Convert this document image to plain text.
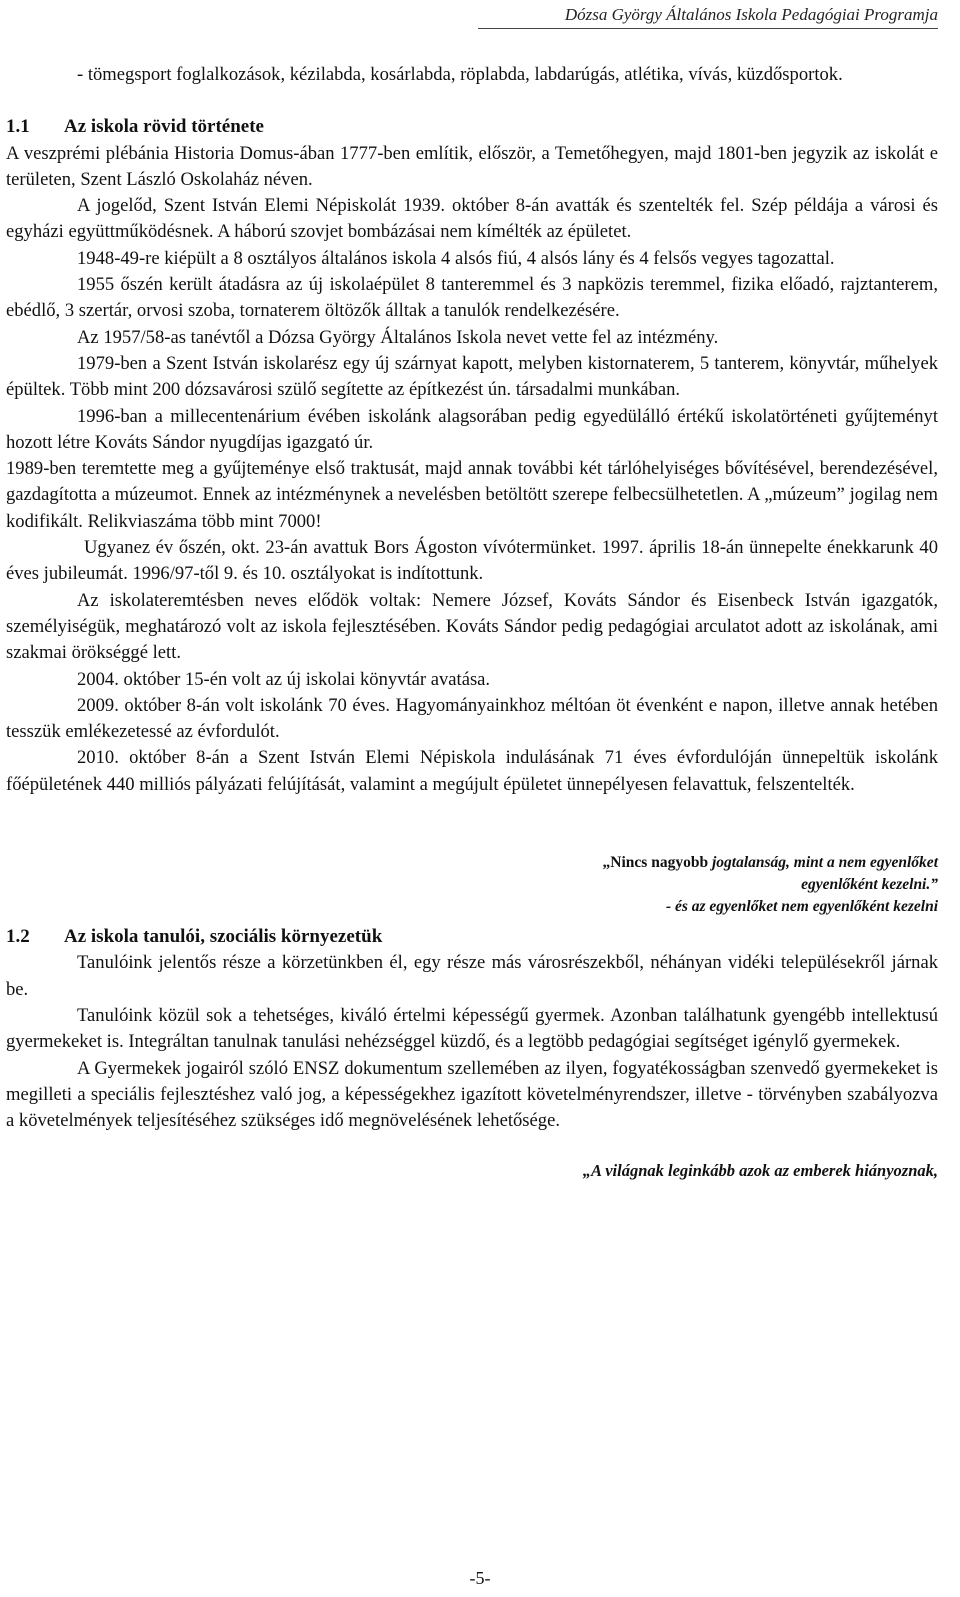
Dózsa György Általános Iskola Pedagógiai Programja

- tömegsport foglalkozások, kézilabda, kosárlabda, röplabda, labdarúgás, atlétika, vívás, küzdősportok.

1.1 Az iskola rövid története

A veszprémi plébánia Historia Domus-ában 1777-ben említik, először, a Temetőhegyen, majd 1801-ben jegyzik az iskolát e területen, Szent László Oskolaház néven.

A jogelőd, Szent István Elemi Népiskolát 1939. október 8-án avatták és szentelték fel. Szép példája a városi és egyházi együttműködésnek. A háború szovjet bombázásai nem kímélték az épületet.

1948-49-re kiépült a 8 osztályos általános iskola 4 alsós fiú, 4 alsós lány és 4 felsős vegyes tagozattal.

1955 őszén került átadásra az új iskolaépület 8 tanteremmel és 3 napközis teremmel, fizika előadó, rajztanterem, ebédlő, 3 szertár, orvosi szoba, tornaterem öltözők álltak a tanulók rendelkezésére.

Az 1957/58-as tanévtől a Dózsa György Általános Iskola nevet vette fel az intézmény.

1979-ben a Szent István iskolarész egy új szárnyat kapott, melyben kistornaterem, 5 tanterem, könyvtár, műhelyek épültek. Több mint 200 dózsavárosi szülő segítette az építkezést ún. társadalmi munkában.

1996-ban a millecentenárium évében iskolánk alagsorában pedig egyedülálló értékű iskolatörténeti gyűjteményt hozott létre Kováts Sándor nyugdíjas igazgató úr.

1989-ben teremtette meg a gyűjteménye első traktusát, majd annak további két tárlóhelyiséges bővítésével, berendezésével, gazdagította a múzeumot. Ennek az intézménynek a nevelésben betöltött szerepe felbecsülhetetlen. A „múzeum” jogilag nem kodifikált. Relikviaszáma több mint 7000!

Ugyanez év őszén, okt. 23-án avattuk Bors Ágoston vívótermünket. 1997. április 18-án ünnepelte énekkarunk 40 éves jubileumát. 1996/97-től 9. és 10. osztályokat is indítottunk.

Az iskolateremtésben neves elődök voltak: Nemere József, Kováts Sándor és Eisenbeck István igazgatók, személyiségük, meghatározó volt az iskola fejlesztésében. Kováts Sándor pedig pedagógiai arculatot adott az iskolának, ami szakmai örökséggé lett.

2004. október 15-én volt az új iskolai könyvtár avatása.

2009. október 8-án volt iskolánk 70 éves. Hagyományainkhoz méltóan öt évenként e napon, illetve annak hetében tesszük emlékezetessé az évfordulót.

2010. október 8-án a Szent István Elemi Népiskola indulásának 71 éves évfordulóján ünnepeltük iskolánk főépületének 440 milliós pályázati felújítását, valamint a megújult épületet ünnepélyesen felavattuk, felszentelték.

„Nincs nagyobb jogtalanság, mint a nem egyenlőket
egyenlőként kezelni.”
- és az egyenlőket nem egyenlőként kezelni
1.2 Az iskola tanulói, szociális környezetük

Tanulóink jelentős része a körzetünkben él, egy része más városrészekből, néhányan vidéki településekről járnak be.

Tanulóink közül sok a tehetséges, kiváló értelmi képességű gyermek. Azonban találhatunk gyengébb intellektusú gyermekeket is. Integráltan tanulnak tanulási nehézséggel küzdő, és a legtöbb pedagógiai segítséget igénylő gyermekek.

A Gyermekek jogairól szóló ENSZ dokumentum szellemében az ilyen, fogyatékosságban szenvedő gyermekeket is megilleti a speciális fejlesztéshez való jog, a képességekhez igazított követelményrendszer, illetve - törvényben szabályozva a követelmények teljesítéséhez szükséges idő megnövelésének lehetősége.

„A világnak leginkább azok az emberek hiányoznak,
-5-
